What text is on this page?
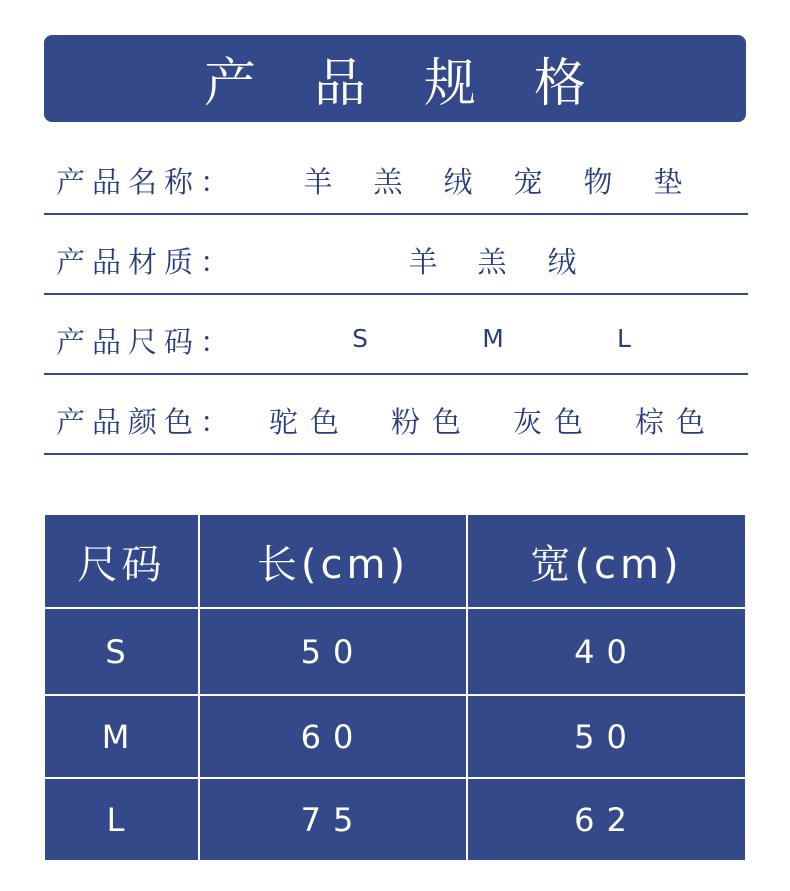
产品规格
产品名称： 羊 羔 绒 宠 物 垫
产品材质：	羊 羔 绒
产品尺码：	S	M	L
产品颜色： 驼色 粉色 灰色 棕色
尺码	长(cm)	宽(cm)
S	50	40
M	60	50
L	75	62
